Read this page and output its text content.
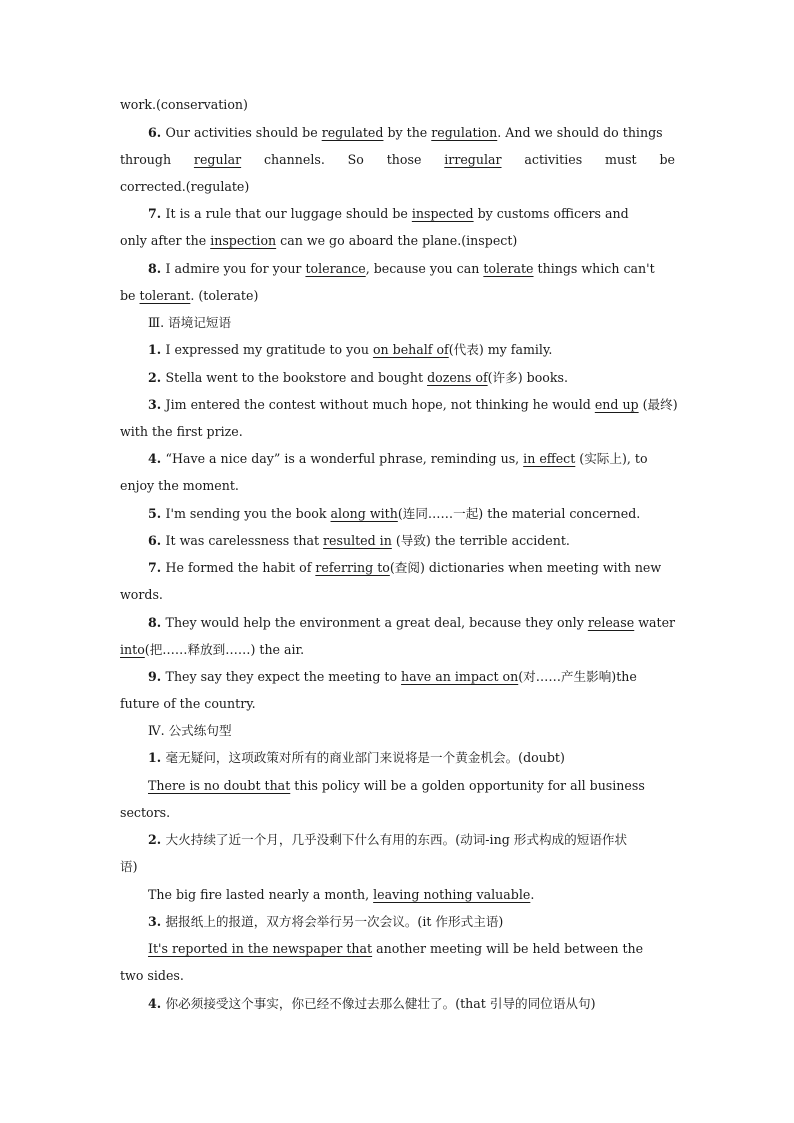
work.(conservation)
6. Our activities should be regulated by the regulation. And we should do things
through regular channels. So those irregular activities must be
corrected.(regulate)
7. It is a rule that our luggage should be inspected by customs officers and
only after the inspection can we go aboard the plane.(inspect)
8. I admire you for your tolerance, because you can tolerate things which can't
be tolerant. (tolerate)
Ⅲ. 语境记短语
1. I expressed my gratitude to you on behalf of(代表) my family.
2. Stella went to the bookstore and bought dozens of(许多) books.
3. Jim entered the contest without much hope, not thinking he would end up (最终)
with the first prize.
4. “Have a nice day” is a wonderful phrase, reminding us, in effect (实际上), to
enjoy the moment.
5. I'm sending you the book along with(连同……一起) the material concerned.
6. It was carelessness that resulted in (导致) the terrible accident.
7. He formed the habit of referring to(查阅) dictionaries when meeting with new
words.
8. They would help the environment a great deal, because they only release water
into(把……释放到……) the air.
9. They say they expect the meeting to have an impact on(对……产生影响)the
future of the country.
Ⅳ. 公式练句型
1. 毫无疑问，这项政策对所有的商业部门来说将是一个黄金机会。(doubt)
There is no doubt that this policy will be a golden opportunity for all business
sectors.
2. 大火持续了近一个月，几乎没剩下什么有用的东西。(动词-ing 形式构成的短语作状
语)
The big fire lasted nearly a month, leaving nothing valuable.
3. 据报纸上的报道，双方将会举行另一次会议。(it 作形式主语)
It's reported in the newspaper that another meeting will be held between the
two sides.
4. 你必须接受这个事实，你已经不像过去那么健壮了。(that 引导的同位语从句)
